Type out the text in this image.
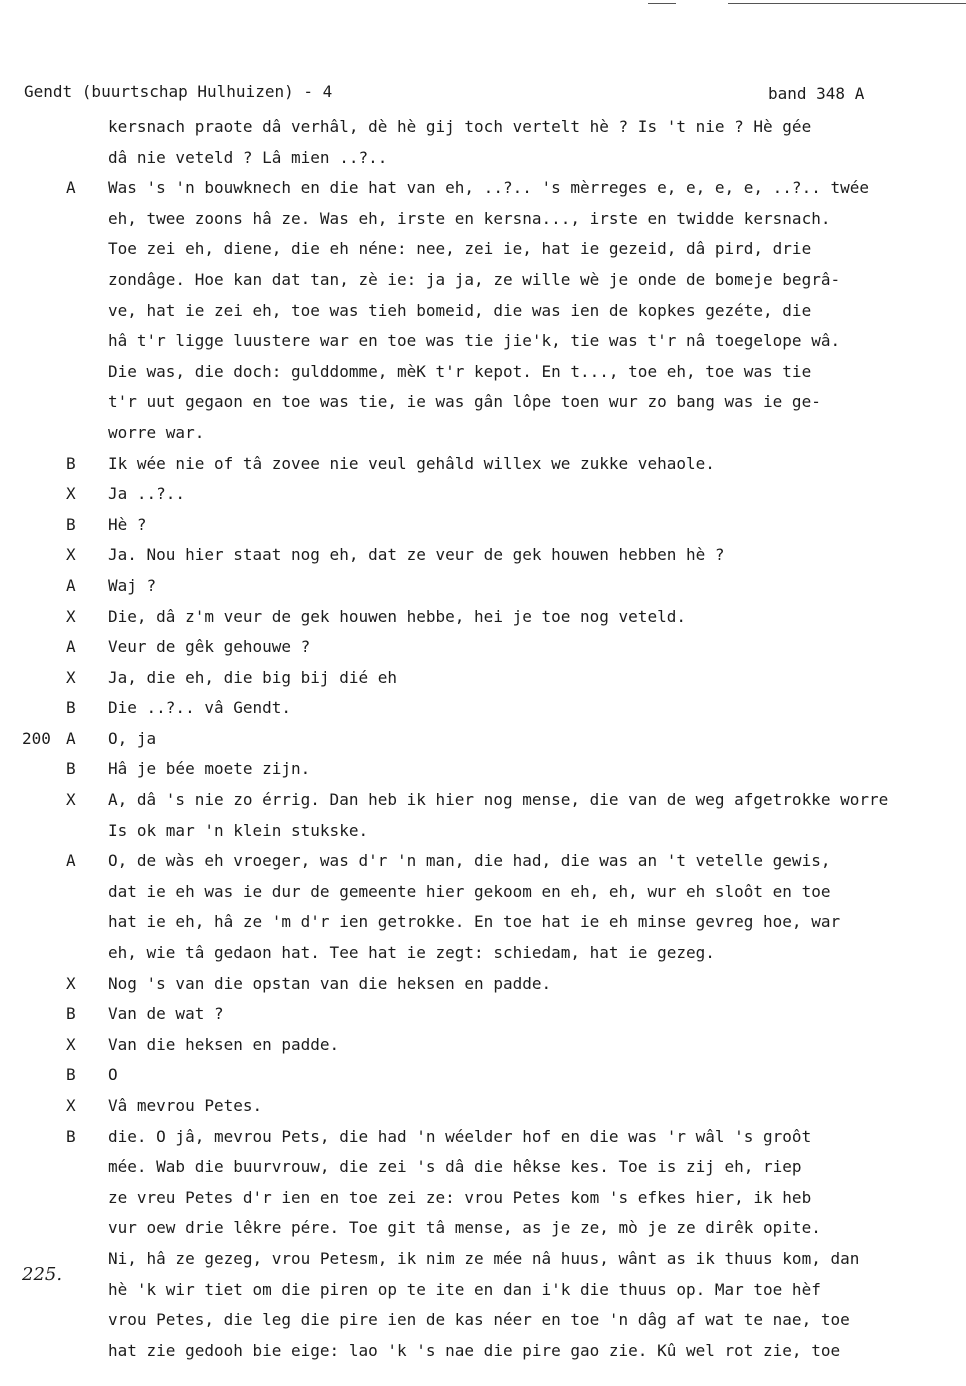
Gendt (buurtschap Hulhuizen) - 4	band 348 A
225.
kersnach praote dâ verhâl, dè hè gij toch vertelt hè ? Is 't nie ? Hè gée
dâ nie veteld ? Lâ mien ..?..
A Was 's 'n bouwknech en die hat van eh, ..?.. 's mèrreges e, e, e, e, ..?.. twée
eh, twee zoons hâ ze. Was eh, irste en kersna..., irste en twidde kersnach.
Toe zei eh, diene, die eh néne: nee, zei ie, hat ie gezeid, dâ pird, drie
zondâge. Hoe kan dat tan, zè ie: ja ja, ze wille wè je onde de bomeje begrâ-
ve, hat ie zei eh, toe was tieh bomeid, die was ien de kopkes gezéte, die
hâ t'r ligge luustere war en toe was tie jie'k, tie was t'r nâ toegelope wâ.
Die was, die doch: gulddomme, mèK t'r kepot. En t..., toe eh, toe was tie
t'r uut gegaon en toe was tie, ie was gân lôpe toen wur zo bang was ie ge-
worre war.
B Ik wée nie of tâ zovee nie veul gehâld willex we zukke vehaole.
X Ja ..?..
B Hè ?
X Ja. Nou hier staat nog eh, dat ze veur de gek houwen hebben hè ?
A Waj ?
X Die, dâ z'm veur de gek houwen hebbe, hei je toe nog veteld.
A Veur de gêk gehouwe ?
X Ja, die eh, die big bij dié eh
B Die ..?.. vâ Gendt.
200 A O, ja
B Hâ je bée moete zijn.
X A, dâ 's nie zo érrig. Dan heb ik hier nog mense, die van de weg afgetrokke worre
Is ok mar 'n klein stukske.
A O, de wàs eh vroeger, was d'r 'n man, die had, die was an 't vetelle gewis,
dat ie eh was ie dur de gemeente hier gekoom en eh, eh, wur eh sloôt en toe
hat ie eh, hâ ze 'm d'r ien getrokke. En toe hat ie eh minse gevreg hoe, war
eh, wie tâ gedaon hat. Tee hat ie zegt: schiedam, hat ie gezeg.
X Nog 's van die opstan van die heksen en padde.
B Van de wat ?
X Van die heksen en padde.
B O
X Vâ mevrou Petes.
B die. O jâ, mevrou Pets, die had 'n wéelder hof en die was 'r wâl 's groôt
mée. Wab die buurvrouw, die zei 's dâ die hêkse kes. Toe is zij eh, riep
ze vreu Petes d'r ien en toe zei ze: vrou Petes kom 's efkes hier, ik heb
vur oew drie lêkre pére. Toe git tâ mense, as je ze, mò je ze dirêk opite.
Ni, hâ ze gezeg, vrou Petesm, ik nim ze mée nâ huus, wânt as ik thuus kom, dan
hè 'k wir tiet om die piren op te ite en dan i'k die thuus op. Mar toe hèf
vrou Petes, die leg die pire ien de kas néer en toe 'n dâg af wat te nae, toe
hat zie gedooh bie eige: lao 'k 's nae die pire gao zie. Kû wel rot zie, toe
